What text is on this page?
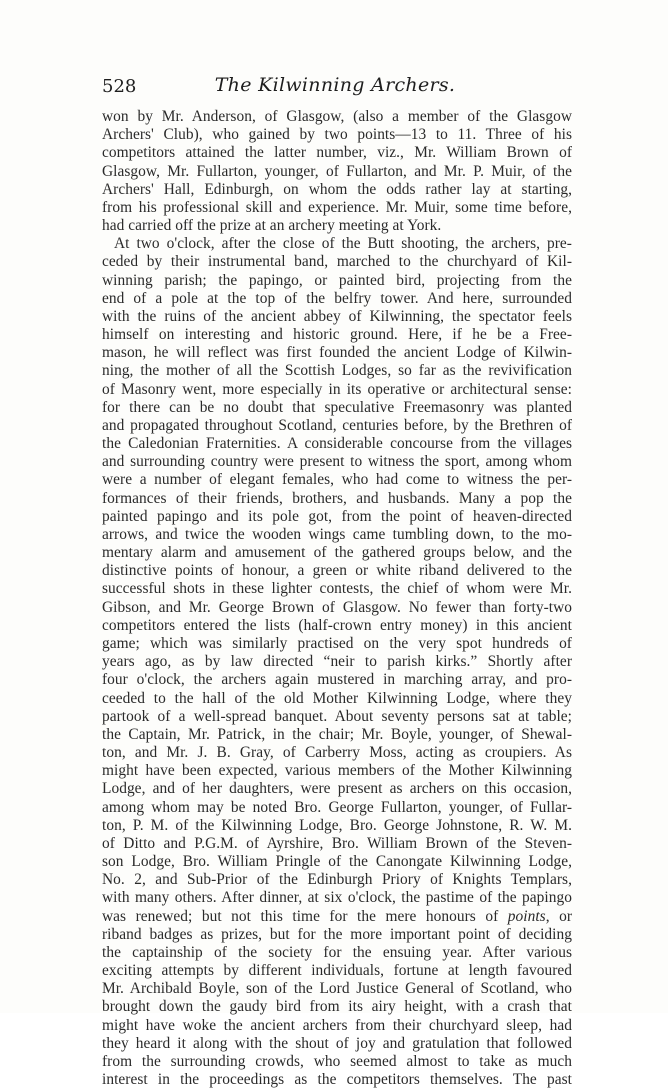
528	The Kilwinning Archers.
won by Mr. Anderson, of Glasgow, (also a member of the Glasgow
Archers' Club), who gained by two points—13 to 11. Three of his
competitors attained the latter number, viz., Mr. William Brown of
Glasgow, Mr. Fullarton, younger, of Fullarton, and Mr. P. Muir, of the
Archers' Hall, Edinburgh, on whom the odds rather lay at starting,
from his professional skill and experience. Mr. Muir, some time before,
had carried off the prize at an archery meeting at York.
At two o'clock, after the close of the Butt shooting, the archers, pre-
ceded by their instrumental band, marched to the churchyard of Kil-
winning parish; the papingo, or painted bird, projecting from the
end of a pole at the top of the belfry tower. And here, surrounded
with the ruins of the ancient abbey of Kilwinning, the spectator feels
himself on interesting and historic ground. Here, if he be a Free-
mason, he will reflect was first founded the ancient Lodge of Kilwin-
ning, the mother of all the Scottish Lodges, so far as the revivification
of Masonry went, more especially in its operative or architectural sense:
for there can be no doubt that speculative Freemasonry was planted
and propagated throughout Scotland, centuries before, by the Brethren of
the Caledonian Fraternities. A considerable concourse from the villages
and surrounding country were present to witness the sport, among whom
were a number of elegant females, who had come to witness the per-
formances of their friends, brothers, and husbands. Many a pop the
painted papingo and its pole got, from the point of heaven-directed
arrows, and twice the wooden wings came tumbling down, to the mo-
mentary alarm and amusement of the gathered groups below, and the
distinctive points of honour, a green or white riband delivered to the
successful shots in these lighter contests, the chief of whom were Mr.
Gibson, and Mr. George Brown of Glasgow. No fewer than forty-two
competitors entered the lists (half-crown entry money) in this ancient
game; which was similarly practised on the very spot hundreds of
years ago, as by law directed “neir to parish kirks.” Shortly after
four o'clock, the archers again mustered in marching array, and pro-
ceeded to the hall of the old Mother Kilwinning Lodge, where they
partook of a well-spread banquet. About seventy persons sat at table;
the Captain, Mr. Patrick, in the chair; Mr. Boyle, younger, of Shewal-
ton, and Mr. J. B. Gray, of Carberry Moss, acting as croupiers. As
might have been expected, various members of the Mother Kilwinning
Lodge, and of her daughters, were present as archers on this occasion,
among whom may be noted Bro. George Fullarton, younger, of Fullar-
ton, P. M. of the Kilwinning Lodge, Bro. George Johnstone, R. W. M.
of Ditto and P.G.M. of Ayrshire, Bro. William Brown of the Steven-
son Lodge, Bro. William Pringle of the Canongate Kilwinning Lodge,
No. 2, and Sub-Prior of the Edinburgh Priory of Knights Templars,
with many others. After dinner, at six o'clock, the pastime of the papingo
was renewed; but not this time for the mere honours of points, or
riband badges as prizes, but for the more important point of deciding
the captainship of the society for the ensuing year. After various
exciting attempts by different individuals, fortune at length favoured
Mr. Archibald Boyle, son of the Lord Justice General of Scotland, who
brought down the gaudy bird from its airy height, with a crash that
might have woke the ancient archers from their churchyard sleep, had
they heard it along with the shout of joy and gratulation that followed
from the surrounding crowds, who seemed almost to take as much
interest in the proceedings as the competitors themselves. The past
